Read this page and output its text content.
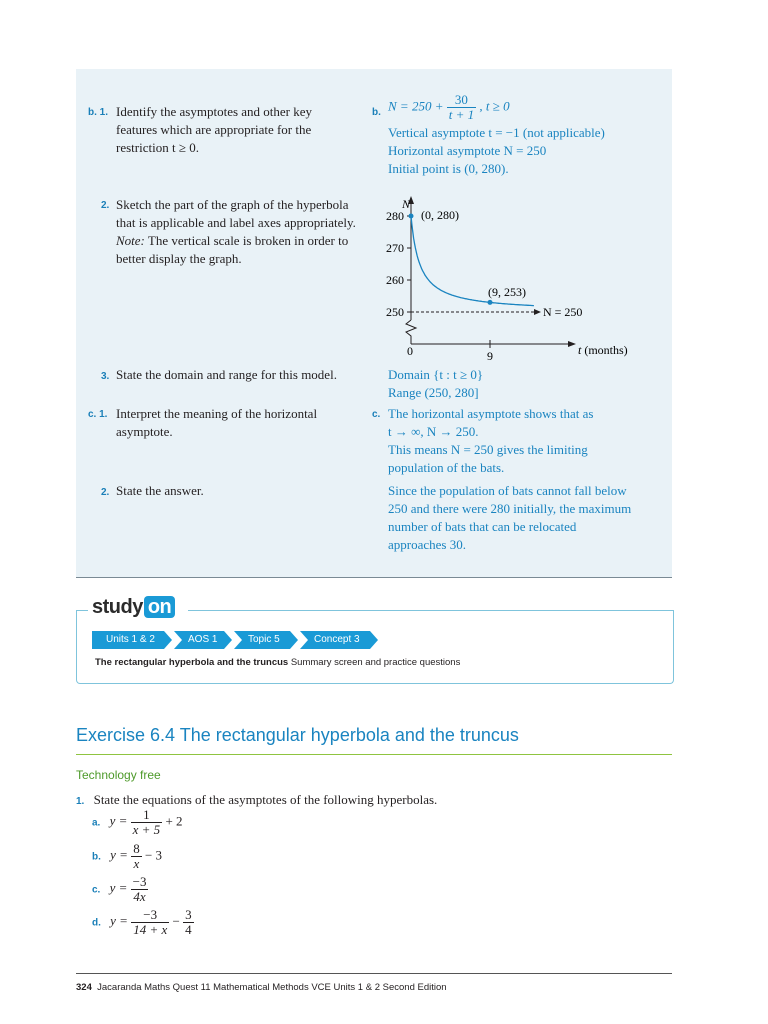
b. 1. Identify the asymptotes and other key features which are appropriate for the restriction t ≥ 0.
b. $N = 250 + \frac{30}{t + 1}$ , t ≥ 0
Vertical asymptote t = −1 (not applicable)
Horizontal asymptote N = 250
Initial point is (0, 280).
2. Sketch the part of the graph of the hyperbola that is applicable and label axes appropriately.
Note: The vertical scale is broken in order to better display the graph.
280
270
260
250
9
0
N
t (months)
N = 250
(0, 280)
(9, 253)
3. State the domain and range for this model.	Domain {t : t ≥ 0}
Range (250, 280]
c. 1. Interpret the meaning of the horizontal asymptote.
c. The horizontal asymptote shows that as
t → ∞, N → 250.
This means N = 250 gives the limiting
population of the bats.
2. State the answer.	Since the population of bats cannot fall below
250 and there were 280 initially, the maximum
number of bats that can be relocated
approaches 30.
study on
Units 1 & 2	AOS 1	Topic 5	Concept 3
The rectangular hyperbola and the truncus Summary screen and practice questions
Exercise 6.4 The rectangular hyperbola and the truncus
Technology free
1. State the equations of the asymptotes of the following hyperbolas.
a. $y = \frac{1}{x + 5} + 2$
b. $y = \frac{8}{x} - 3$
c. $y = \frac{-3}{4x}$
d. $y = \frac{-3}{14 + x} - \frac{3}{4}$
324 Jacaranda Maths Quest 11 Mathematical Methods VCE Units 1 & 2 Second Edition
